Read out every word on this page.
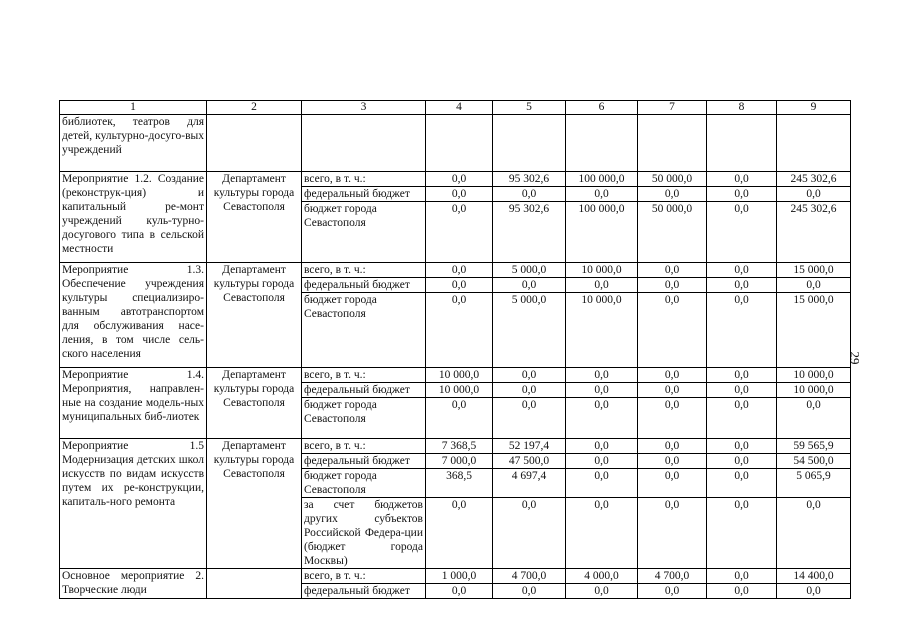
29
1	2	3	4	5	6	7	8	9
библиотек, театров для детей, культурно-досуго-вых учреждений								
Мероприятие 1.2. Создание (реконструк-ция) и капитальный ре-монт учреждений куль-турно-досугового типа в сельской местности	Департамент культуры города Севастополя	всего, в т. ч.:	0,0	95 302,6	100 000,0	50 000,0	0,0	245 302,6
		федеральный бюджет	0,0	0,0	0,0	0,0	0,0	0,0
		бюджет города Севастополя	0,0	95 302,6	100 000,0	50 000,0	0,0	245 302,6
Мероприятие 1.3. Обеспечение учреждения культуры специализиро-ванным автотранспортом для обслуживания насе-ления, в том числе сель-ского населения	Департамент культуры города Севастополя	всего, в т. ч.:	0,0	5 000,0	10 000,0	0,0	0,0	15 000,0
		федеральный бюджет	0,0	0,0	0,0	0,0	0,0	0,0
		бюджет города Севастополя	0,0	5 000,0	10 000,0	0,0	0,0	15 000,0
Мероприятие 1.4. Мероприятия, направлен-ные на создание модель-ных муниципальных биб-лиотек	Департамент культуры города Севастополя	всего, в т. ч.:	10 000,0	0,0	0,0	0,0	0,0	10 000,0
		федеральный бюджет	10 000,0	0,0	0,0	0,0	0,0	10 000,0
		бюджет города Севастополя	0,0	0,0	0,0	0,0	0,0	0,0
Мероприятие 1.5 Модернизация детских школ искусств по видам искусств путем их ре-конструкции, капиталь-ного ремонта	Департамент культуры города Севастополя	всего, в т. ч.:	7 368,5	52 197,4	0,0	0,0	0,0	59 565,9
		федеральный бюджет	7 000,0	47 500,0	0,0	0,0	0,0	54 500,0
		бюджет города Севастополя	368,5	4 697,4	0,0	0,0	0,0	5 065,9
		за счет бюджетов других субъектов Российской Федера-ции (бюджет города Москвы)	0,0	0,0	0,0	0,0	0,0	0,0
Основное мероприятие 2. Творческие люди		всего, в т. ч.:	1 000,0	4 700,0	4 000,0	4 700,0	0,0	14 400,0
		федеральный бюджет	0,0	0,0	0,0	0,0	0,0	0,0
